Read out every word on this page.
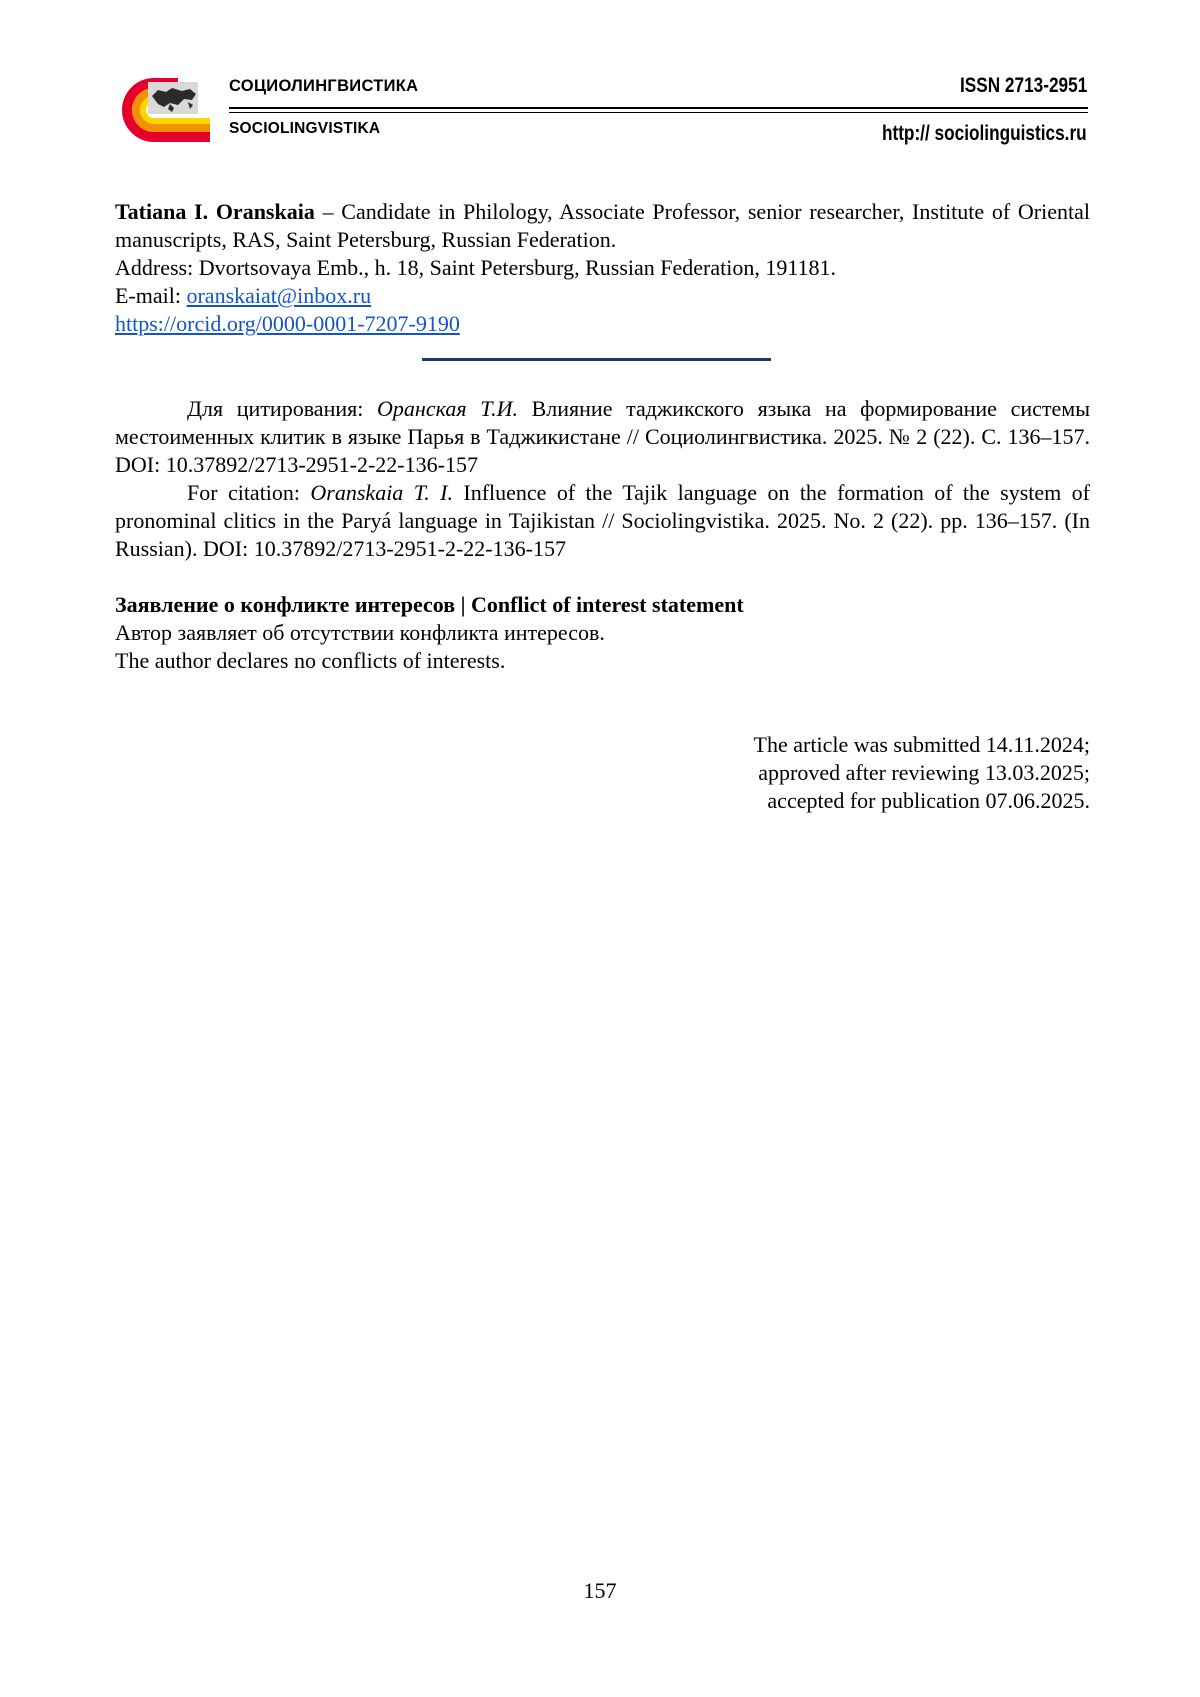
СОЦИОЛИНГВИСТИКА
SOCIOLINGVISTIKA
ISSN 2713-2951
http:// sociolinguistics.ru
Tatiana I. Oranskaia – Candidate in Philology, Associate Professor, senior researcher, Institute of Oriental manuscripts, RAS, Saint Petersburg, Russian Federation.
Address: Dvortsovaya Emb., h. 18, Saint Petersburg, Russian Federation, 191181.
E-mail: oranskaiat@inbox.ru
https://orcid.org/0000-0001-7207-9190

Для цитирования: Оранская Т.И. Влияние таджикского языка на формирование системы местоименных клитик в языке Парья в Таджикистане // Социолингвистика. 2025. № 2 (22). С. 136–157. DOI: 10.37892/2713-2951-2-22-136-157

For citation: Oranskaia T. I. Influence of the Tajik language on the formation of the system of pronominal clitics in the Paryá language in Tajikistan // Sociolingvistika. 2025. No. 2 (22). pp. 136–157. (In Russian). DOI: 10.37892/2713-2951-2-22-136-157

Заявление о конфликте интересов | Conflict of interest statement

Автор заявляет об отсутствии конфликта интересов.

The author declares no conflicts of interests.

The article was submitted 14.11.2024;

approved after reviewing 13.03.2025;

accepted for publication 07.06.2025.

157
